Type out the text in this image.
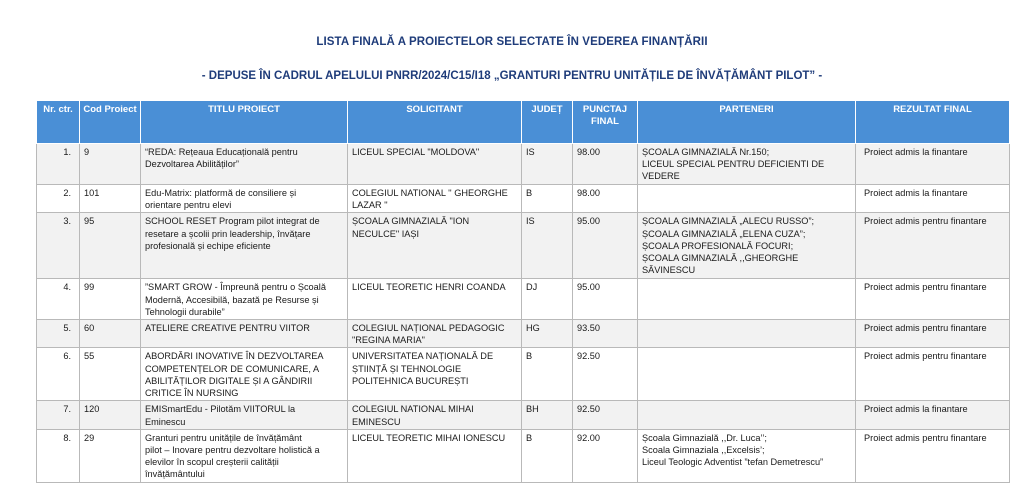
LISTA FINALĂ A PROIECTELOR SELECTATE ÎN VEDEREA FINANȚĂRII
- DEPUSE ÎN CADRUL APELULUI PNRR/2024/C15/I18 „GRANTURI PENTRU UNITĂȚILE DE ÎNVĂȚĂMÂNT PILOT” -
Nr. ctr.	Cod Proiect	TITLU PROIECT	SOLICITANT	JUDEȚ	PUNCTAJ FINAL	PARTENERI	REZULTAT FINAL
1.	9	“REDA: Rețeaua Educațională pentru
Dezvoltarea Abilităților”	LICEUL SPECIAL "MOLDOVA"	IS	98.00	ȘCOALA GIMNAZIALĂ Nr.150;
LICEUL SPECIAL PENTRU DEFICIENTI DE
VEDERE	Proiect admis la finantare
2.	101	Edu-Matrix: platformă de consiliere și
orientare pentru elevi	COLEGIUL NATIONAL '' GHEORGHE
LAZAR ''	B	98.00		Proiect admis la finantare
3.	95	SCHOOL RESET Program pilot integrat de
resetare a școlii prin leadership, învățare
profesională și echipe eficiente	ȘCOALA GIMNAZIALĂ "ION
NECULCE" IAȘI	IS	95.00	ȘCOALA GIMNAZIALĂ „ALECU RUSSO”;
ȘCOALA GIMNAZIALĂ „ELENA CUZA”;
ȘCOALA PROFESIONALĂ FOCURI;
ȘCOALA GIMNAZIALĂ ,,GHEORGHE
SĂVINESCU	Proiect admis pentru finantare
4.	99	”SMART GROW - Împreună pentru o Școală
Modernă, Accesibilă, bazată pe Resurse și
Tehnologii durabile”	LICEUL TEORETIC HENRI COANDA	DJ	95.00		Proiect admis pentru finantare
5.	60	ATELIERE CREATIVE PENTRU VIITOR	COLEGIUL NAȚIONAL PEDAGOGIC
"REGINA MARIA"	HG	93.50		Proiect admis pentru finantare
6.	55	ABORDĂRI INOVATIVE ÎN DEZVOLTAREA
COMPETENȚELOR DE COMUNICARE, A
ABILITĂȚILOR DIGITALE ȘI A GÂNDIRII
CRITICE ÎN NURSING	UNIVERSITATEA NAȚIONALĂ DE
ȘTIINȚĂ ȘI TEHNOLOGIE
POLITEHNICA BUCUREȘTI	B	92.50		Proiect admis pentru finantare
7.	120	EMISmartEdu - Pilotăm VIITORUL la
Eminescu	COLEGIUL NATIONAL MIHAI
EMINESCU	BH	92.50		Proiect admis la finantare
8.	29	Granturi pentru unitățile de învățământ
pilot – Inovare pentru dezvoltare holistică a
elevilor în scopul creșterii calității
învățământului	LICEUL TEORETIC MIHAI IONESCU	B	92.00	Școala Gimnazială ,,Dr. Luca’’;
Scoala Gimnaziala ,,Excelsis’;
Liceul Teologic Adventist ”tefan Demetrescu”	Proiect admis pentru finantare
